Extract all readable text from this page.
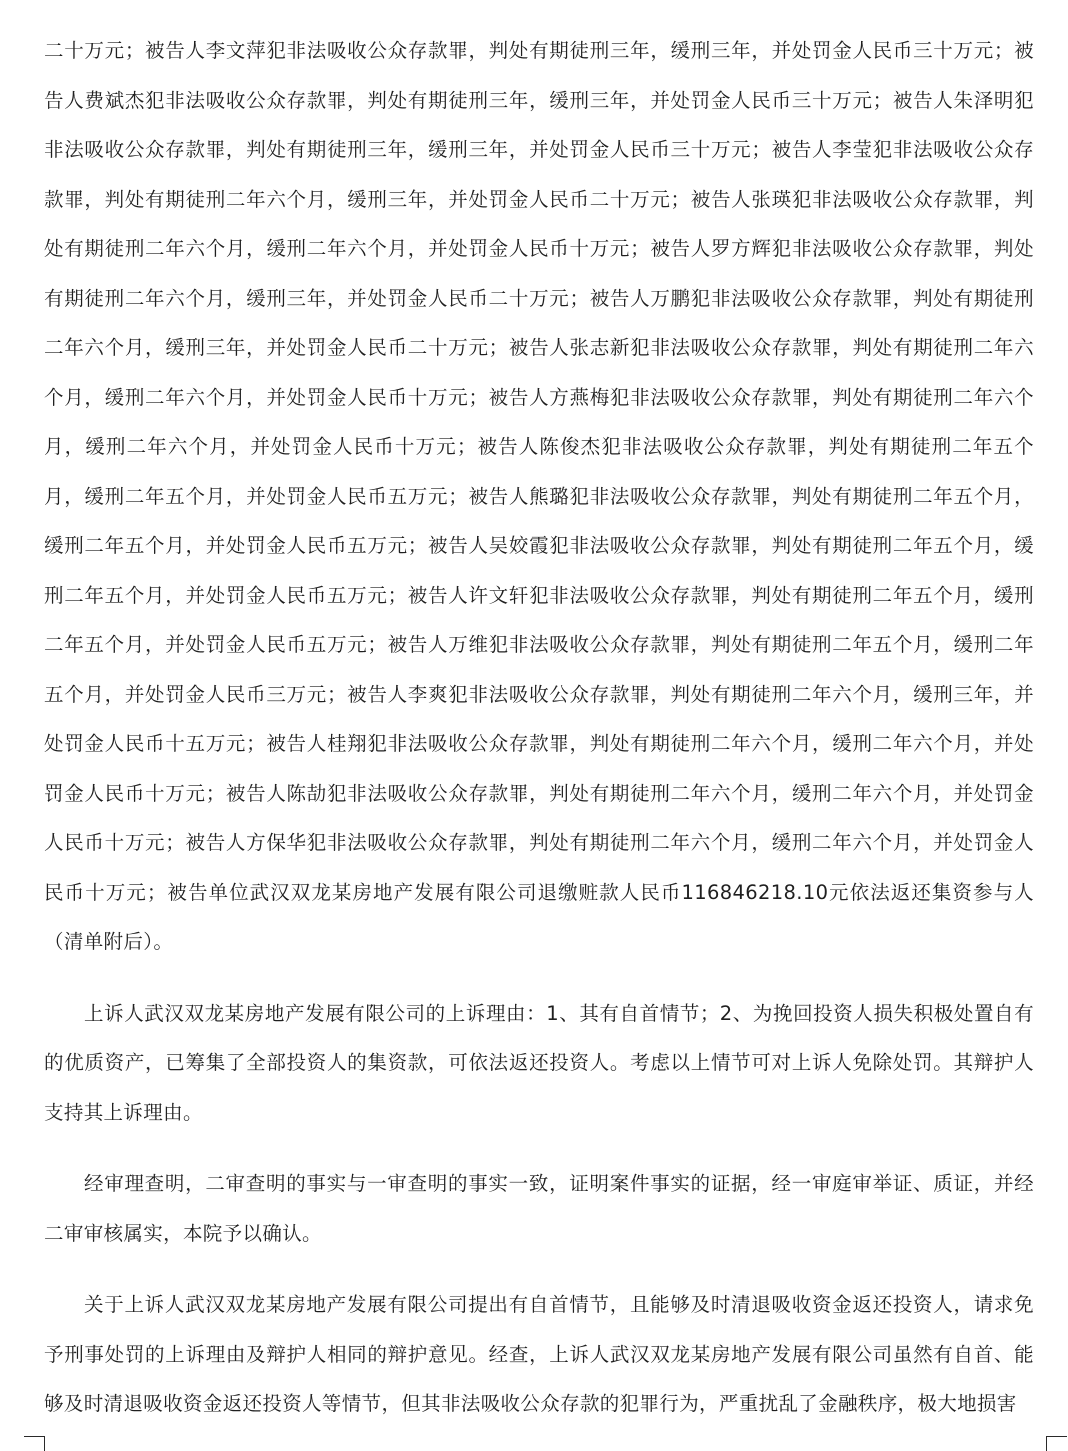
二十万元；被告人李文萍犯非法吸收公众存款罪，判处有期徒刑三年，缓刑三年，并处罚金人民币三十万元；被告人费斌杰犯非法吸收公众存款罪，判处有期徒刑三年，缓刑三年，并处罚金人民币三十万元；被告人朱泽明犯非法吸收公众存款罪，判处有期徒刑三年，缓刑三年，并处罚金人民币三十万元；被告人李莹犯非法吸收公众存款罪，判处有期徒刑二年六个月，缓刑三年，并处罚金人民币二十万元；被告人张瑛犯非法吸收公众存款罪，判处有期徒刑二年六个月，缓刑二年六个月，并处罚金人民币十万元；被告人罗方辉犯非法吸收公众存款罪，判处有期徒刑二年六个月，缓刑三年，并处罚金人民币二十万元；被告人万鹏犯非法吸收公众存款罪，判处有期徒刑二年六个月，缓刑三年，并处罚金人民币二十万元；被告人张志新犯非法吸收公众存款罪，判处有期徒刑二年六个月，缓刑二年六个月，并处罚金人民币十万元；被告人方燕梅犯非法吸收公众存款罪，判处有期徒刑二年六个月，缓刑二年六个月，并处罚金人民币十万元；被告人陈俊杰犯非法吸收公众存款罪，判处有期徒刑二年五个月，缓刑二年五个月，并处罚金人民币五万元；被告人熊璐犯非法吸收公众存款罪，判处有期徒刑二年五个月，缓刑二年五个月，并处罚金人民币五万元；被告人吴姣霞犯非法吸收公众存款罪，判处有期徒刑二年五个月，缓刑二年五个月，并处罚金人民币五万元；被告人许文轩犯非法吸收公众存款罪，判处有期徒刑二年五个月，缓刑二年五个月，并处罚金人民币五万元；被告人万维犯非法吸收公众存款罪，判处有期徒刑二年五个月，缓刑二年五个月，并处罚金人民币三万元；被告人李爽犯非法吸收公众存款罪，判处有期徒刑二年六个月，缓刑三年，并处罚金人民币十五万元；被告人桂翔犯非法吸收公众存款罪，判处有期徒刑二年六个月，缓刑二年六个月，并处罚金人民币十万元；被告人陈劼犯非法吸收公众存款罪，判处有期徒刑二年六个月，缓刑二年六个月，并处罚金人民币十万元；被告人方保华犯非法吸收公众存款罪，判处有期徒刑二年六个月，缓刑二年六个月，并处罚金人民币十万元；被告单位武汉双龙某房地产发展有限公司退缴赃款人民币116846218.10元依法返还集资参与人（清单附后）。

上诉人武汉双龙某房地产发展有限公司的上诉理由：1、其有自首情节；2、为挽回投资人损失积极处置自有的优质资产，已筹集了全部投资人的集资款，可依法返还投资人。考虑以上情节可对上诉人免除处罚。其辩护人支持其上诉理由。

经审理查明，二审查明的事实与一审查明的事实一致，证明案件事实的证据，经一审庭审举证、质证，并经二审审核属实，本院予以确认。

关于上诉人武汉双龙某房地产发展有限公司提出有自首情节，且能够及时清退吸收资金返还投资人，请求免予刑事处罚的上诉理由及辩护人相同的辩护意见。经查，上诉人武汉双龙某房地产发展有限公司虽然有自首、能够及时清退吸收资金返还投资人等情节，但其非法吸收公众存款的犯罪行为，严重扰乱了金融秩序，极大地损害
